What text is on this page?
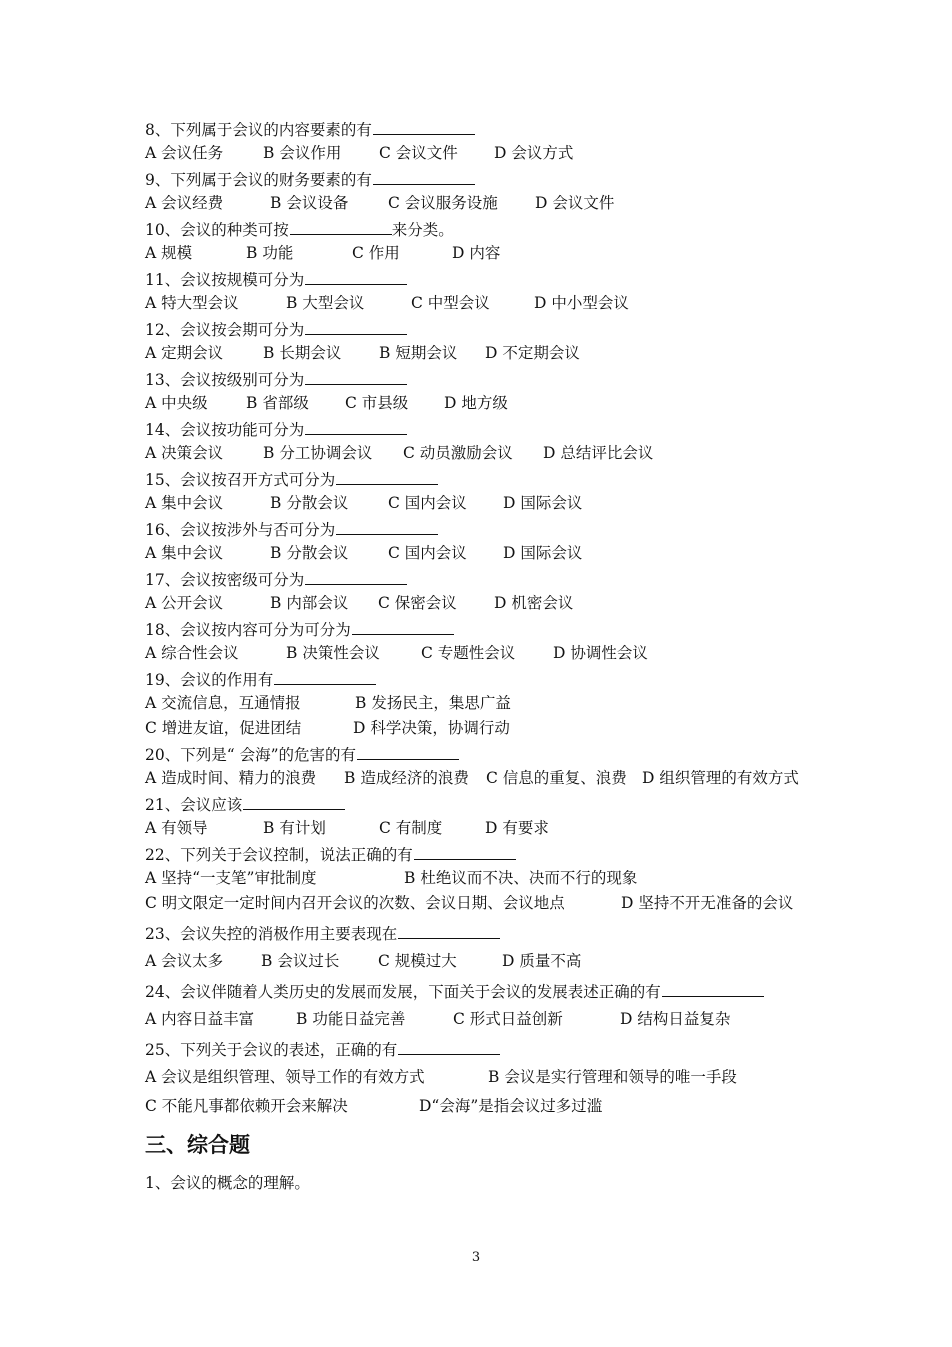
8、下列属于会议的内容要素的有
A 会议任务	B 会议作用 C 会议文件 D 会议方式
9、下列属于会议的财务要素的有
A 会议经费	B 会议设备	C 会议服务设施 D 会议文件
10、会议的种类可按	来分类。
A 规模	B 功能	C 作用	D 内容
11、会议按规模可分为
A 特大型会议	B 大型会议	C 中型会议	D 中小型会议
12、会议按会期可分为
A 定期会议	B 长期会议 B 短期会议 D 不定期会议
13、会议按级别可分为
A 中央级 B 省部级 C 市县级 D 地方级
14、会议按功能可分为
A 决策会议	B 分工协调会议 C 动员激励会议 D 总结评比会议
15、会议按召开方式可分为
A 集中会议	B 分散会议	C 国内会议 D 国际会议
16、会议按涉外与否可分为
A 集中会议	B 分散会议	C 国内会议 D 国际会议
17、会议按密级可分为
A 公开会议	B 内部会议 C 保密会议 D 机密会议
18、会议按内容可分为可分为
A 综合性会议	B 决策性会议	C 专题性会议 D 协调性会议
19、会议的作用有
A 交流信息，互通情报	B 发扬民主，集思广益
C 增进友谊，促进团结	D 科学决策，协调行动
20、下列是“ 会海”的危害的有
A 造成时间、精力的浪费 B 造成经济的浪费 C 信息的重复、浪费 D 组织管理的有效方式
21、会议应该
A 有领导	B 有计划	C 有制度	D 有要求
22、下列关于会议控制，说法正确的有
A 坚持“一支笔”审批制度	B 杜绝议而不决、决而不行的现象
C 明文限定一定时间内召开会议的次数、会议日期、会议地点	D 坚持不开无准备的会议
23、会议失控的消极作用主要表现在
A 会议太多 B 会议过长 C 规模过大	D 质量不高
24、会议伴随着人类历史的发展而发展，下面关于会议的发展表述正确的有
A 内容日益丰富	B 功能日益完善	C 形式日益创新	D 结构日益复杂
25、下列关于会议的表述，正确的有
A 会议是组织管理、领导工作的有效方式	B 会议是实行管理和领导的唯一手段
C 不能凡事都依赖开会来解决	D“会海”是指会议过多过滥
三、综合题
1、会议的概念的理解。
3
